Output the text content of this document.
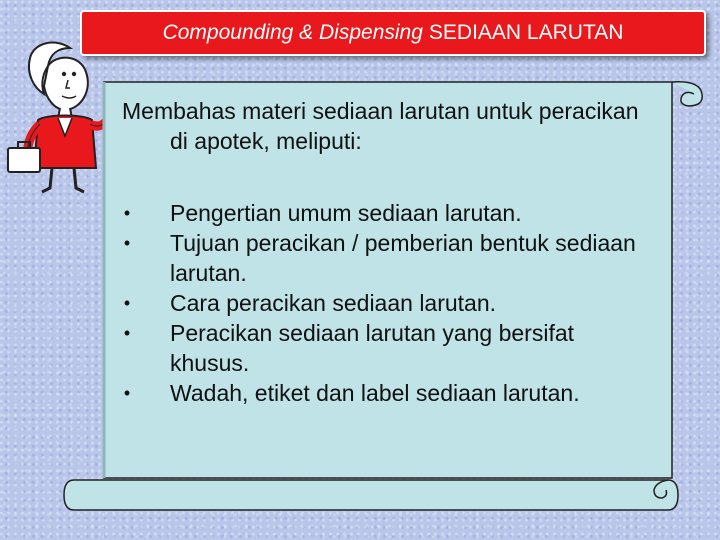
Compounding & Dispensing SEDIAAN LARUTAN

Membahas materi sediaan larutan untuk peracikan di apotek, meliputi:

• Pengertian umum sediaan larutan.
• Tujuan peracikan / pemberian bentuk sediaan larutan.
• Cara peracikan sediaan larutan.
• Peracikan sediaan larutan yang bersifat khusus.
• Wadah, etiket dan label sediaan larutan.
